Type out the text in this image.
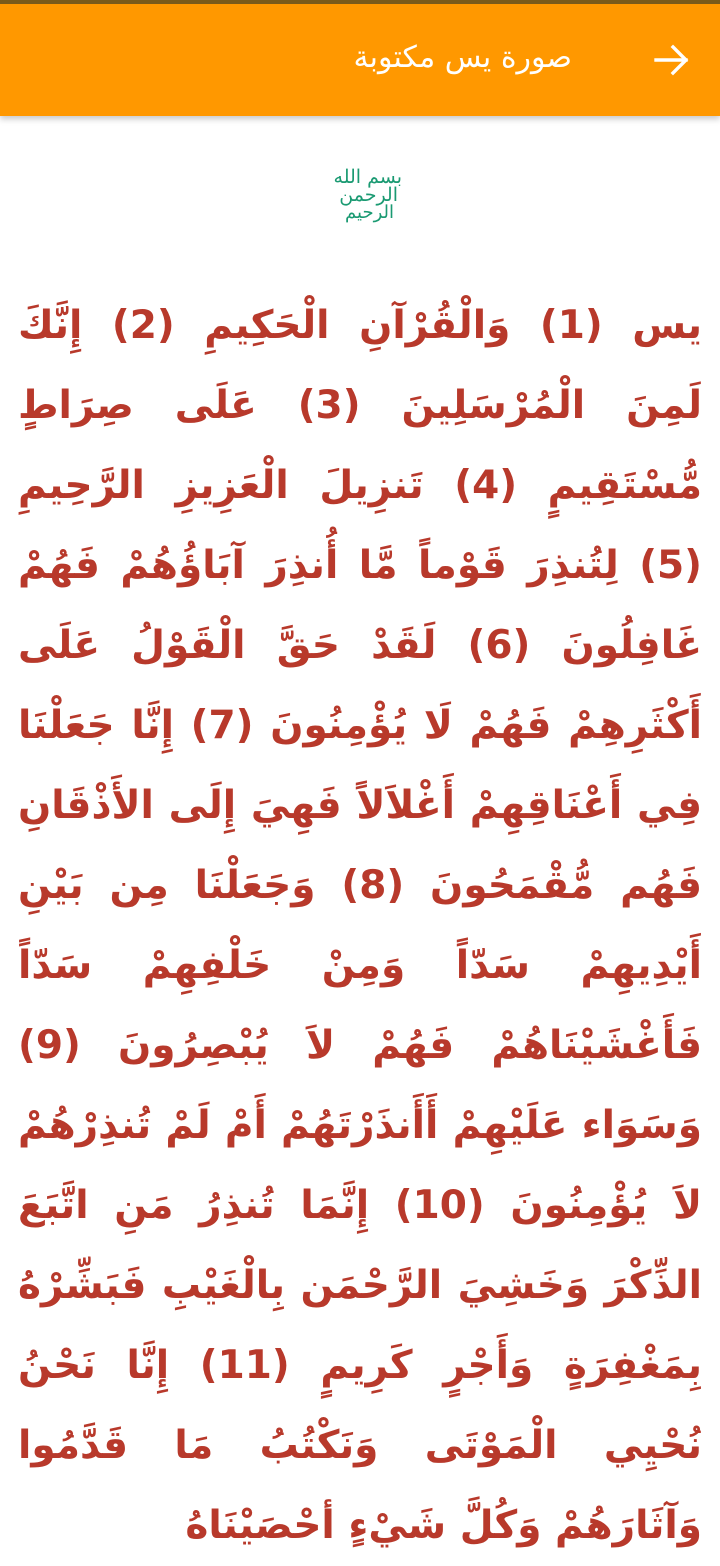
صورة يس مكتوبة
بسم الله
الرحمن
الرحيم
يس (1) وَالْقُرْآنِ الْحَكِيمِ (2) إِنَّكَ لَمِنَ الْمُرْسَلِينَ (3) عَلَى صِرَاطٍ مُّسْتَقِيمٍ (4) تَنزِيلَ الْعَزِيزِ الرَّحِيمِ (5) لِتُنذِرَ قَوْماً مَّا أُنذِرَ آبَاؤُهُمْ فَهُمْ غَافِلُونَ (6) لَقَدْ حَقَّ الْقَوْلُ عَلَى أَكْثَرِهِمْ فَهُمْ لَا يُؤْمِنُونَ (7) إِنَّا جَعَلْنَا فِي أَعْنَاقِهِمْ أَغْلاَلاً فَهِيَ إِلَى الأَذْقَانِ فَهُم مُّقْمَحُونَ (8) وَجَعَلْنَا مِن بَيْنِ أَيْدِيهِمْ سَدّاً وَمِنْ خَلْفِهِمْ سَدّاً فَأَغْشَيْنَاهُمْ فَهُمْ لاَ يُبْصِرُونَ (9) وَسَوَاء عَلَيْهِمْ أَأَنذَرْتَهُمْ أَمْ لَمْ تُنذِرْهُمْ لاَ يُؤْمِنُونَ (10) إِنَّمَا تُنذِرُ مَنِ اتَّبَعَ الذِّكْرَ وَخَشِيَ الرَّحْمَن بِالْغَيْبِ فَبَشِّرْهُ بِمَغْفِرَةٍ وَأَجْرٍ كَرِيمٍ (11) إِنَّا نَحْنُ نُحْيِي الْمَوْتَى وَنَكْتُبُ مَا قَدَّمُوا وَآثَارَهُمْ وَكُلَّ شَيْءٍ أحْصَيْنَاهُ
